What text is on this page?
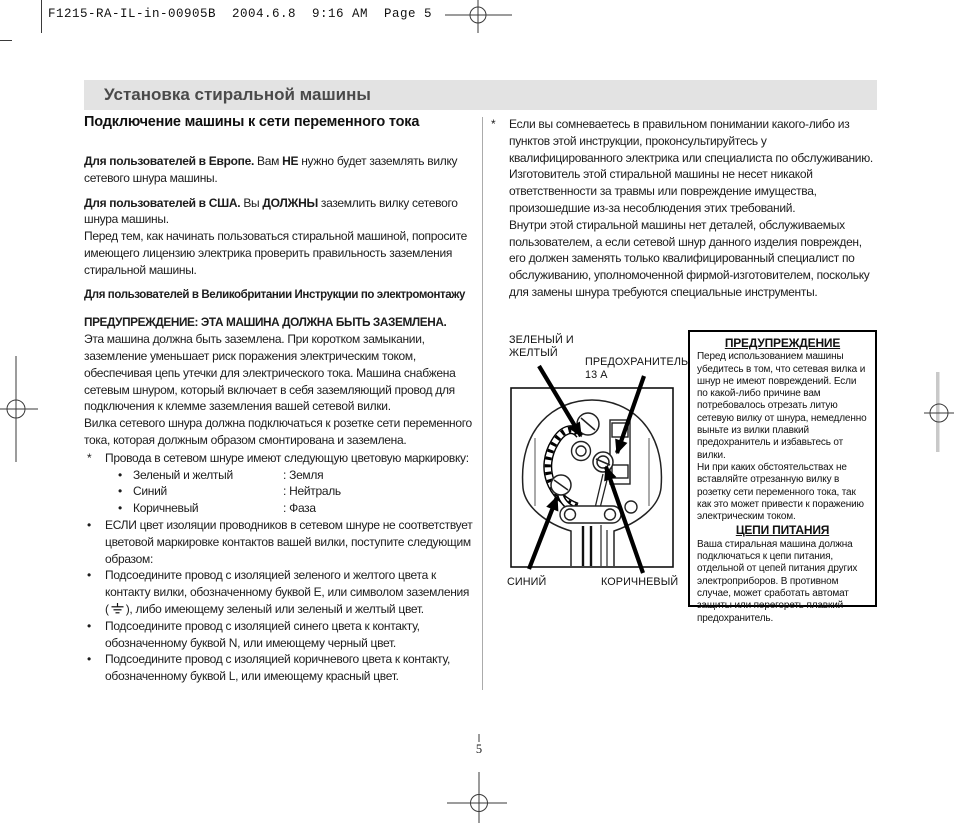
F1215-RA-IL-in-00905B  2004.6.8  9:16 AM  Page 5
Установка стиральной машины
Подключение машины к сети переменного тока

Для пользователей в Европе. Вам НЕ нужно будет заземлять вилку сетевого шнура машины.

Для пользователей в США. Вы ДОЛЖНЫ заземлить вилку сетевого шнура машины.
Перед тем, как начинать пользоваться стиральной машиной, попросите имеющего лицензию электрика проверить правильность заземления стиральной машины.

Для пользователей в Великобритании Инструкции по электромонтажу

ПРЕДУПРЕЖДЕНИЕ: ЭТА МАШИНА ДОЛЖНА БЫТЬ ЗАЗЕМЛЕНА.
Эта машина должна быть заземлена. При коротком замыкании, заземление уменьшает риск поражения электрическим током, обеспечивая цепь утечки для электрического тока. Машина снабжена сетевым шнуром, который включает в себя заземляющий провод для подключения к клемме заземления вашей сетевой вилки.
Вилка сетевого шнура должна подключаться к розетке сети переменного тока, которая должным образом смонтирована и заземлена.

* Провода в сетевом шнуре имеют следующую цветовую маркировку:
• Зеленый и желтый	: Земля
• Синий	: Нейтраль
• Коричневый	: Фаза
• ЕСЛИ цвет изоляции проводников в сетевом шнуре не соответствует цветовой маркировке контактов вашей вилки, поступите следующим образом:
• Подсоедините провод с изоляцией зеленого и желтого цвета к контакту вилки, обозначенному буквой E, или символом заземления ( ), либо имеющему зеленый или зеленый и желтый цвет.
• Подсоедините провод с изоляцией синего цвета к контакту, обозначенному буквой N, или имеющему черный цвет.
• Подсоедините провод с изоляцией коричневого цвета к контакту, обозначенному буквой L, или имеющему красный цвет.
* Если вы сомневаетесь в правильном понимании какого-либо из пунктов этой инструкции, проконсультируйтесь у квалифицированного электрика или специалиста по обслуживанию.
Изготовитель этой стиральной машины не несет никакой ответственности за травмы или повреждение имущества, произошедшие из-за несоблюдения этих требований.
Внутри этой стиральной машины нет деталей, обслуживаемых пользователем, а если сетевой шнур данного изделия поврежден, его должен заменять только квалифицированный специалист по обслуживанию, уполномоченной фирмой-изготовителем, поскольку для замены шнура требуются специальные инструменты.
ЗЕЛЕНЫЙ И
ЖЕЛТЫЙ
ПРЕДОХРАНИТЕЛЬ
13 А
СИНИЙ	КОРИЧНЕВЫЙ
ПРЕДУПРЕЖДЕНИЕ

Перед использованием машины убедитесь в том, что сетевая вилка и шнур не имеют повреждений. Если по какой-либо причине вам потребовалось отрезать литую сетевую вилку от шнура, немедленно выньте из вилки плавкий предохранитель и избавьтесь от вилки.

Ни при каких обстоятельствах не вставляйте отрезанную вилку в розетку сети переменного тока, так как это может привести к поражению электрическим током.

ЦЕПИ ПИТАНИЯ

Ваша стиральная машина должна подключаться к цепи питания, отдельной от цепей питания других электроприборов. В противном случае, может сработать автомат защиты или перегореть плавкий предохранитель.

5
